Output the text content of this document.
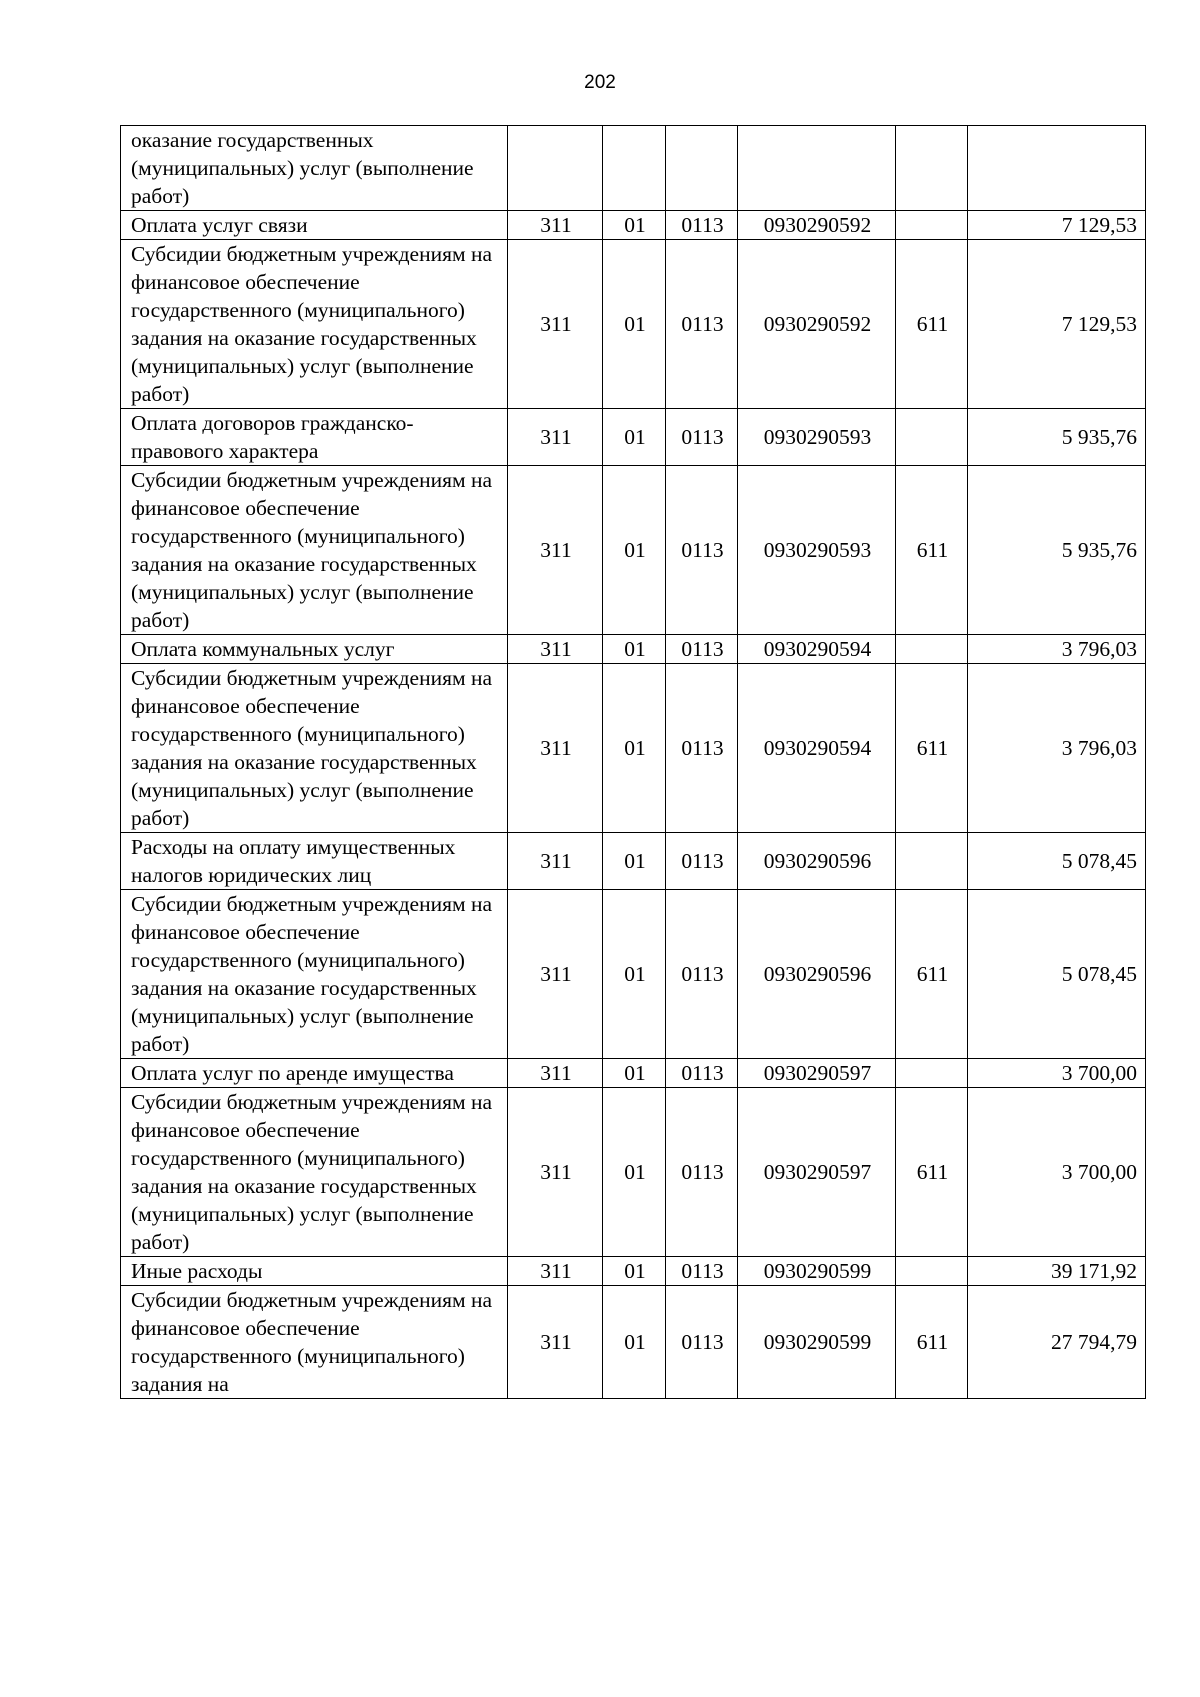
202
оказание государственных (муниципальных) услуг (выполнение работ)						
Оплата услуг связи	311	01	0113	0930290592		7 129,53
Субсидии бюджетным учреждениям на финансовое обеспечение государственного (муниципального) задания на оказание государственных (муниципальных) услуг (выполнение работ)	311	01	0113	0930290592	611	7 129,53
Оплата договоров гражданско-правового характера	311	01	0113	0930290593		5 935,76
Субсидии бюджетным учреждениям на финансовое обеспечение государственного (муниципального) задания на оказание государственных (муниципальных) услуг (выполнение работ)	311	01	0113	0930290593	611	5 935,76
Оплата коммунальных услуг	311	01	0113	0930290594		3 796,03
Субсидии бюджетным учреждениям на финансовое обеспечение государственного (муниципального) задания на оказание государственных (муниципальных) услуг (выполнение работ)	311	01	0113	0930290594	611	3 796,03
Расходы на оплату имущественных налогов юридических лиц	311	01	0113	0930290596		5 078,45
Субсидии бюджетным учреждениям на финансовое обеспечение государственного (муниципального) задания на оказание государственных (муниципальных) услуг (выполнение работ)	311	01	0113	0930290596	611	5 078,45
Оплата услуг по аренде имущества	311	01	0113	0930290597		3 700,00
Субсидии бюджетным учреждениям на финансовое обеспечение государственного (муниципального) задания на оказание государственных (муниципальных) услуг (выполнение работ)	311	01	0113	0930290597	611	3 700,00
Иные расходы	311	01	0113	0930290599		39 171,92
Субсидии бюджетным учреждениям на финансовое обеспечение государственного (муниципального) задания на	311	01	0113	0930290599	611	27 794,79
